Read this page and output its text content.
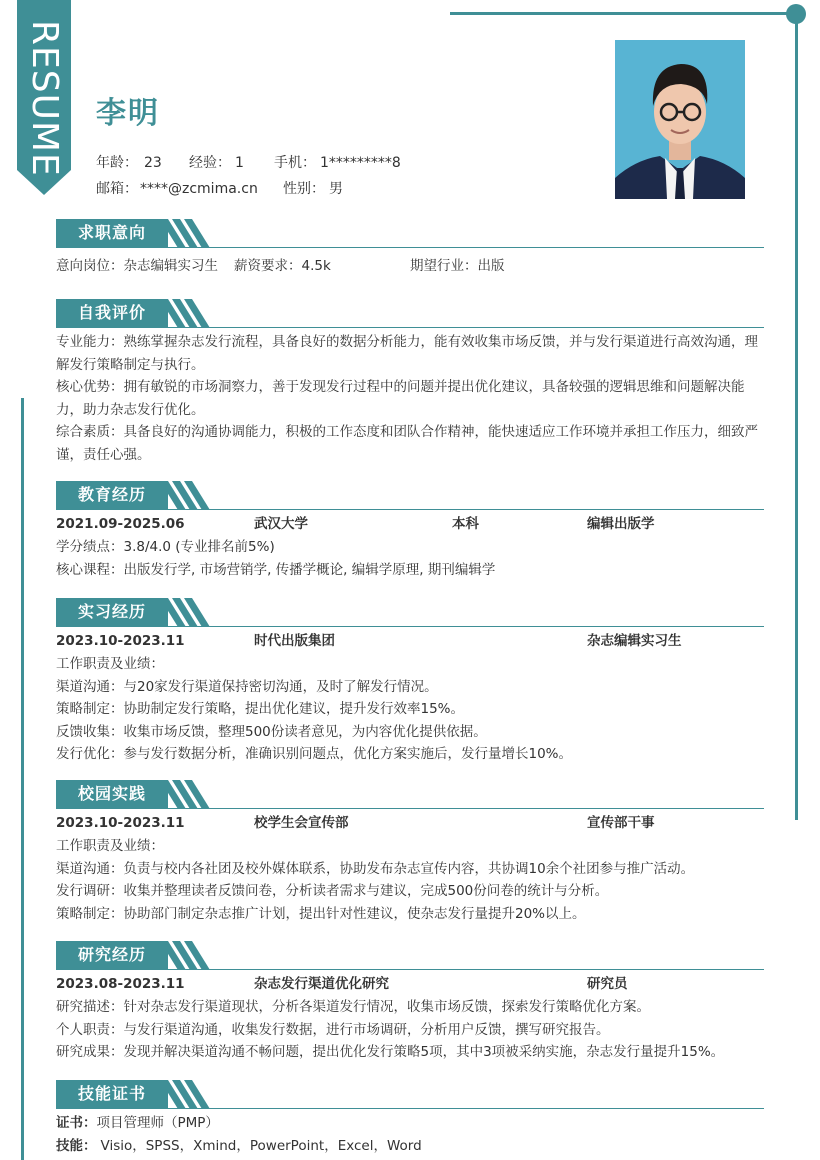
RESUME 李明
年龄： 23 经验： 1 手机： 1*********8
邮箱： ****@zcmima.cn 性别： 男
求职意向
意向岗位：杂志编辑实习生 薪资要求：4.5k	期望行业：出版
自我评价
专业能力：熟练掌握杂志发行流程，具备良好的数据分析能力，能有效收集市场反馈，并与发行渠道进行高效沟通，理解发行策略制定与执行。
核心优势：拥有敏锐的市场洞察力，善于发现发行过程中的问题并提出优化建议，具备较强的逻辑思维和问题解决能力，助力杂志发行优化。
综合素质：具备良好的沟通协调能力，积极的工作态度和团队合作精神，能快速适应工作环境并承担工作压力，细致严谨，责任心强。
教育经历
2021.09-2025.06	武汉大学	本科	编辑出版学
学分绩点：3.8/4.0 (专业排名前5%)
核心课程：出版发行学, 市场营销学, 传播学概论, 编辑学原理, 期刊编辑学
实习经历
2023.10-2023.11	时代出版集团	杂志编辑实习生
工作职责及业绩：
渠道沟通：与20家发行渠道保持密切沟通，及时了解发行情况。
策略制定：协助制定发行策略，提出优化建议，提升发行效率15%。
反馈收集：收集市场反馈，整理500份读者意见，为内容优化提供依据。
发行优化：参与发行数据分析，准确识别问题点，优化方案实施后，发行量增长10%。
校园实践
2023.10-2023.11	校学生会宣传部	宣传部干事
工作职责及业绩：
渠道沟通：负责与校内各社团及校外媒体联系，协助发布杂志宣传内容，共协调10余个社团参与推广活动。
发行调研：收集并整理读者反馈问卷，分析读者需求与建议，完成500份问卷的统计与分析。
策略制定：协助部门制定杂志推广计划，提出针对性建议，使杂志发行量提升20%以上。
研究经历
2023.08-2023.11	杂志发行渠道优化研究	研究员
研究描述：针对杂志发行渠道现状，分析各渠道发行情况，收集市场反馈，探索发行策略优化方案。
个人职责：与发行渠道沟通，收集发行数据，进行市场调研，分析用户反馈，撰写研究报告。
研究成果：发现并解决渠道沟通不畅问题，提出优化发行策略5项，其中3项被采纳实施，杂志发行量提升15%。
技能证书
证书：项目管理师（PMP）
技能： Visio，SPSS，Xmind，PowerPoint，Excel，Word
